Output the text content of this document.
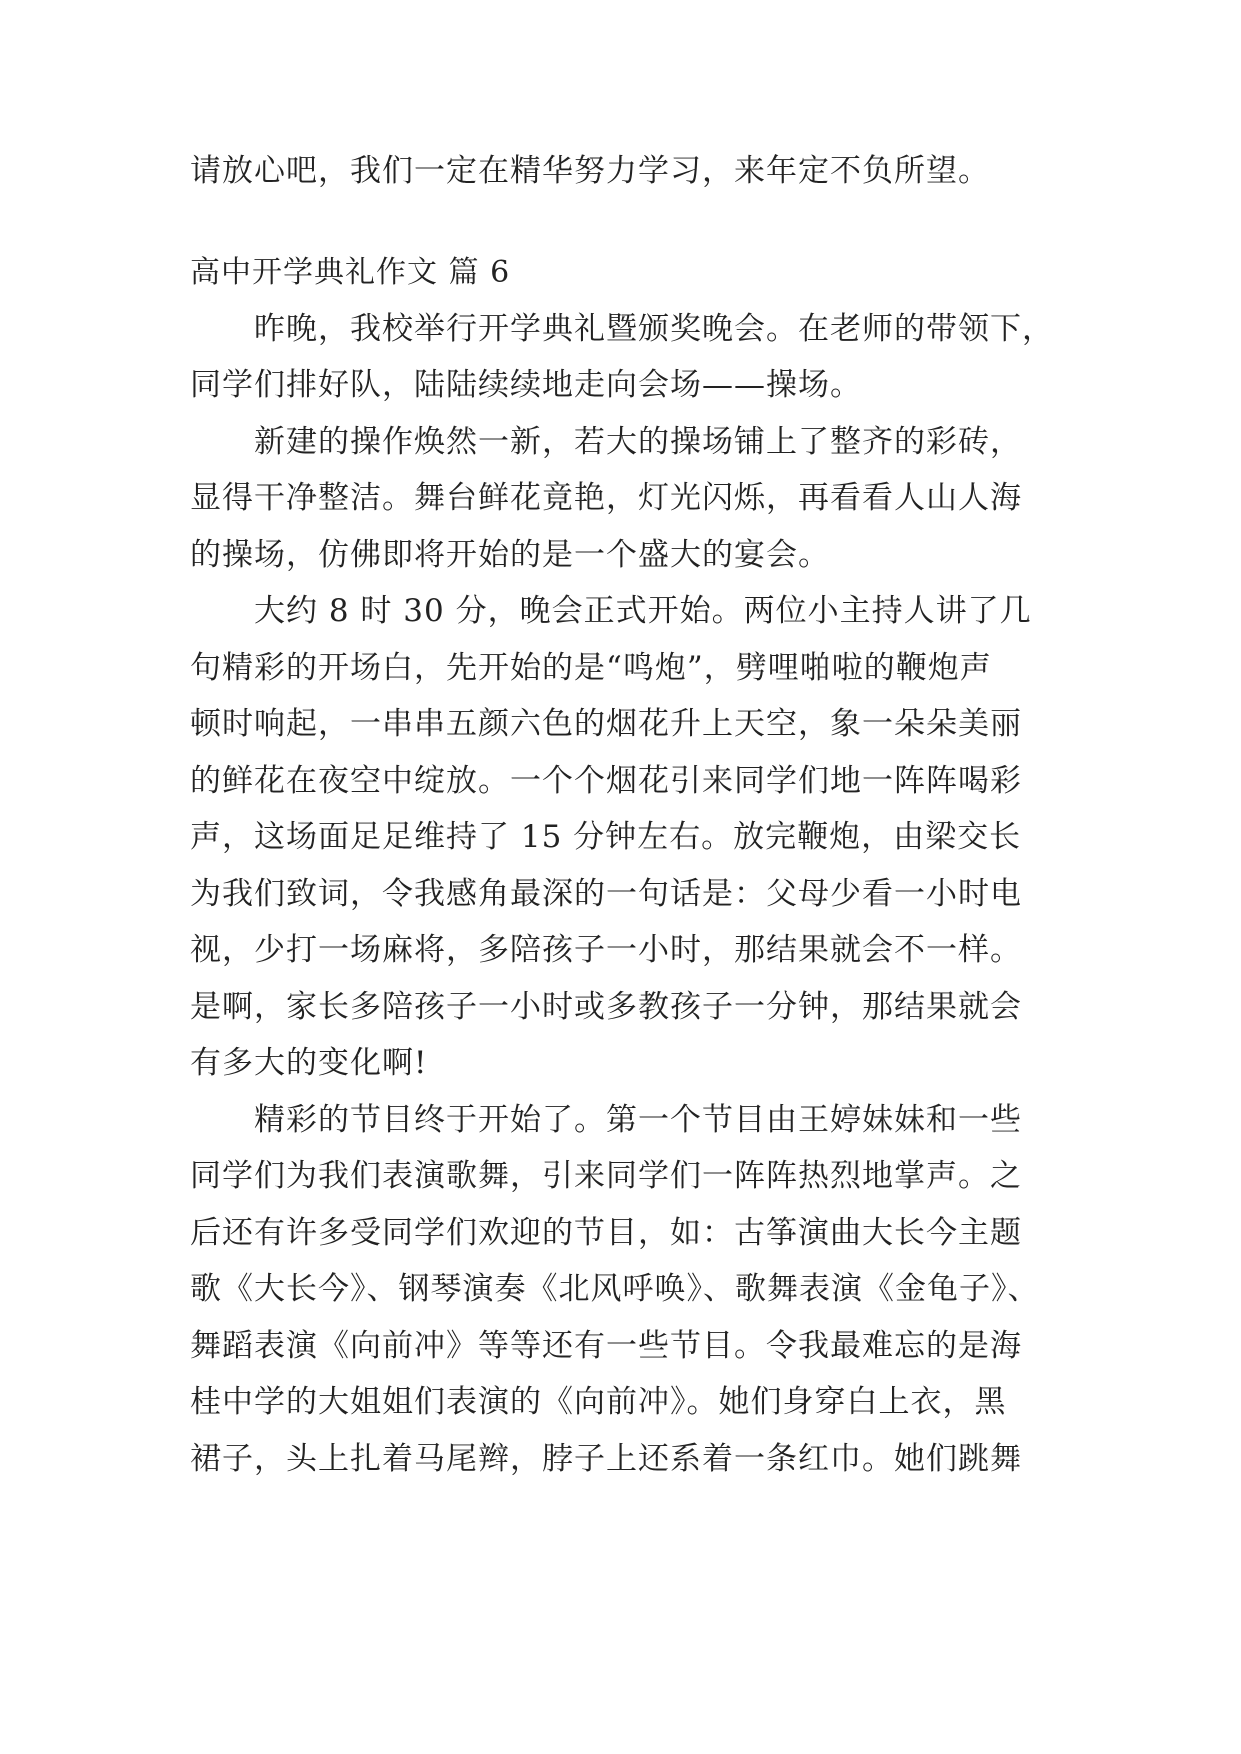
请放心吧，我们一定在精华努力学习，来年定不负所望。
高中开学典礼作文 篇 6
　　昨晚，我校举行开学典礼暨颁奖晚会。在老师的带领下，
同学们排好队，陆陆续续地走向会场——操场。
　　新建的操作焕然一新，若大的操场铺上了整齐的彩砖，
显得干净整洁。舞台鲜花竟艳，灯光闪烁，再看看人山人海
的操场，仿佛即将开始的是一个盛大的宴会。
　　大约 8 时 30 分，晚会正式开始。两位小主持人讲了几
句精彩的开场白，先开始的是“鸣炮”，劈哩啪啦的鞭炮声
顿时响起，一串串五颜六色的烟花升上天空，象一朵朵美丽
的鲜花在夜空中绽放。一个个烟花引来同学们地一阵阵喝彩
声，这场面足足维持了 15 分钟左右。放完鞭炮，由梁交长
为我们致词，令我感角最深的一句话是：父母少看一小时电
视，少打一场麻将，多陪孩子一小时，那结果就会不一样。
是啊，家长多陪孩子一小时或多教孩子一分钟，那结果就会
有多大的变化啊!
　　精彩的节目终于开始了。第一个节目由王婷妹妹和一些
同学们为我们表演歌舞，引来同学们一阵阵热烈地掌声。之
后还有许多受同学们欢迎的节目，如：古筝演曲大长今主题
歌《大长今》、钢琴演奏《北风呼唤》、歌舞表演《金龟子》、
舞蹈表演《向前冲》等等还有一些节目。令我最难忘的是海
桂中学的大姐姐们表演的《向前冲》。她们身穿白上衣，黑
裙子，头上扎着马尾辫，脖子上还系着一条红巾。她们跳舞
